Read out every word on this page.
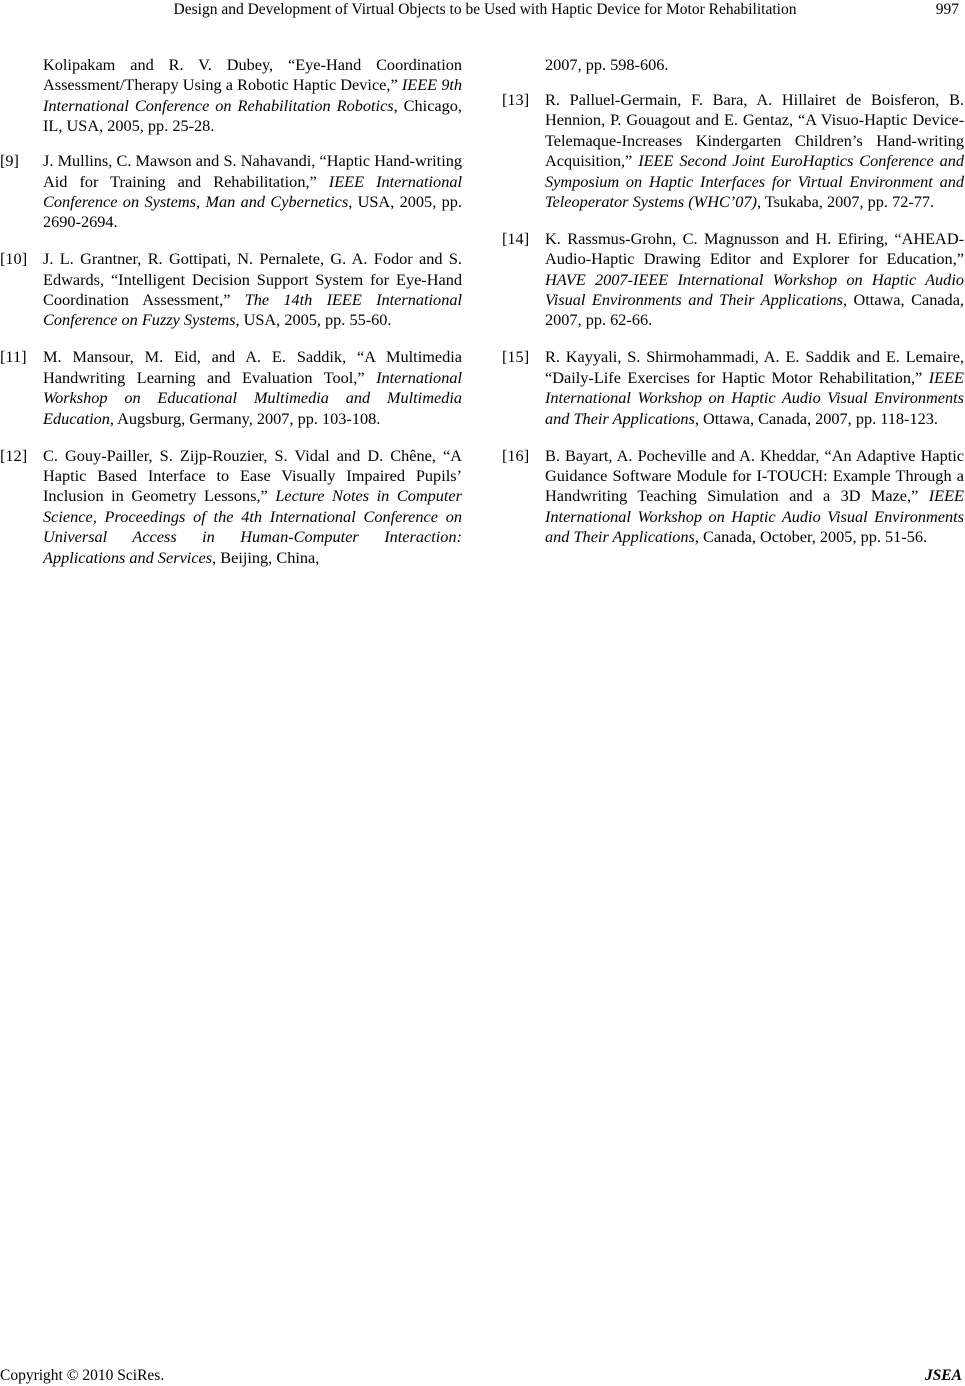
Design and Development of Virtual Objects to be Used with Haptic Device for Motor Rehabilitation	997
Kolipakam and R. V. Dubey, “Eye-Hand Coordination Assessment/Therapy Using a Robotic Haptic Device,” IEEE 9th International Conference on Rehabilitation Robotics, Chicago, IL, USA, 2005, pp. 25-28.
[9] J. Mullins, C. Mawson and S. Nahavandi, “Haptic Hand-writing Aid for Training and Rehabilitation,” IEEE International Conference on Systems, Man and Cybernetics, USA, 2005, pp. 2690-2694.
[10] J. L. Grantner, R. Gottipati, N. Pernalete, G. A. Fodor and S. Edwards, “Intelligent Decision Support System for Eye-Hand Coordination Assessment,” The 14th IEEE International Conference on Fuzzy Systems, USA, 2005, pp. 55-60.
[11] M. Mansour, M. Eid, and A. E. Saddik, “A Multimedia Handwriting Learning and Evaluation Tool,” International Workshop on Educational Multimedia and Multimedia Education, Augsburg, Germany, 2007, pp. 103-108.
[12] C. Gouy-Pailler, S. Zijp-Rouzier, S. Vidal and D. Chêne, “A Haptic Based Interface to Ease Visually Impaired Pupils’ Inclusion in Geometry Lessons,” Lecture Notes in Computer Science, Proceedings of the 4th International Conference on Universal Access in Human-Computer Interaction: Applications and Services, Beijing, China,
2007, pp. 598-606.
[13] R. Palluel-Germain, F. Bara, A. Hillairet de Boisferon, B. Hennion, P. Gouagout and E. Gentaz, “A Visuo-Haptic Device-Telemaque-Increases Kindergarten Children’s Hand-writing Acquisition,” IEEE Second Joint EuroHaptics Conference and Symposium on Haptic Interfaces for Virtual Environment and Teleoperator Systems (WHC’07), Tsukaba, 2007, pp. 72-77.
[14] K. Rassmus-Grohn, C. Magnusson and H. Efiring, “AHEAD-Audio-Haptic Drawing Editor and Explorer for Education,” HAVE 2007-IEEE International Workshop on Haptic Audio Visual Environments and Their Applications, Ottawa, Canada, 2007, pp. 62-66.
[15] R. Kayyali, S. Shirmohammadi, A. E. Saddik and E. Lemaire, “Daily-Life Exercises for Haptic Motor Rehabilitation,” IEEE International Workshop on Haptic Audio Visual Environments and Their Applications, Ottawa, Canada, 2007, pp. 118-123.
[16] B. Bayart, A. Pocheville and A. Kheddar, “An Adaptive Haptic Guidance Software Module for I-TOUCH: Example Through a Handwriting Teaching Simulation and a 3D Maze,” IEEE International Workshop on Haptic Audio Visual Environments and Their Applications, Canada, October, 2005, pp. 51-56.
Copyright © 2010 SciRes.	JSEA
